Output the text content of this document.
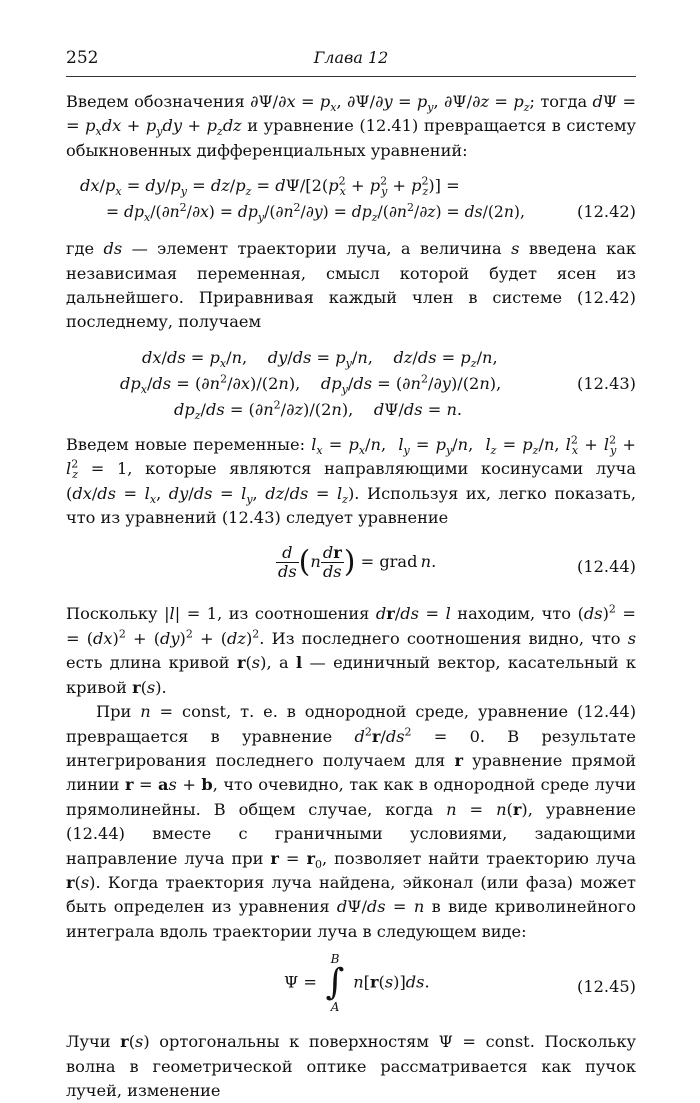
252	Глава 12

Введем обозначения $\partial\Psi/\partial x = p_x$, $\partial\Psi/\partial y = p_y$, $\partial\Psi/\partial z = p_z$; тогда dΨ = = $p_xdx + p_ydy + p_zdz$ и уравнение (12.41) превращается в систему обыкновенных дифференциальных уравнений:

$dx/p_x = dy/p_y = dz/p_z = d\Psi/[2(p^2_x + p^2_y + p^2_z)]$ =
= $dp_x/(\partial n^2/\partial x) = dp_y/(\partial n^2/\partial y) = dp_z/(\partial n^2/\partial z) = ds/(2n)$,	(12.42)

где ds — элемент траектории луча, а величина s введена как независимая переменная, смысл которой будет ясен из дальнейшего. Приравнивая каждый член в системе (12.42) последнему, получаем

$dx/ds = p_x/n$,    $dy/ds = p_y/n$,    $dz/ds = p_z/n$,
$dp_x/ds = (\partial n^2/\partial x)/(2n)$,    $dp_y/ds = (\partial n^2/\partial y)/(2n)$,
$dp_z/ds = (\partial n^2/\partial z)/(2n)$,    dΨ/ds = n.
(12.43)

Введем новые переменные: $l_x = p_x/n$,  $l_y = p_y/n$,  $l_z = p_z/n$, $l^2_x + l^2_y + l^2_z = 1$, которые являются направляющими косинусами луча ($dx/ds = l_x$, $dy/ds = l_y$, $dz/ds = l_z$). Используя их, легко показать, что из уравнений (12.43) следует уравнение

$\frac{d}{ds} (n \frac{dr}{ds}$ ) = grad  n.	(12.44)

Поскольку |l| = 1, из соотношения dr/ds = l находим, что (ds)$^2$ = = (dx)$^2$ + (dy)$^2$ + (dz)$^2$. Из последнего соотношения видно, что s есть длина кривой r(s), а l — единичный вектор, касательный к кривой r(s).

При n = const, т. е. в однородной среде, уравнение (12.44) превращается в уравнение $d^2r/ds^2 = 0$. В результате интегрирования последнего получаем для r уравнение прямой линии r = as + b, что очевидно, так как в однородной среде лучи прямолинейны. В общем случае, когда n = n(r), уравнение (12.44) вместе с граничными условиями, задающими направление луча при $r = r_0$, позволяет найти траекторию луча r(s). Когда траектория луча найдена, эйконал (или фаза) может быть определен из уравнения dΨ/ds = n в виде криволинейного интеграла вдоль траектории луча в следующем виде:

Ψ =
B
∫
A
n[r(s)]ds.	(12.45)

Лучи r(s) ортогональны к поверхностям Ψ = const. Поскольку волна в геометрической оптике рассматривается как пучок лучей, изменение
